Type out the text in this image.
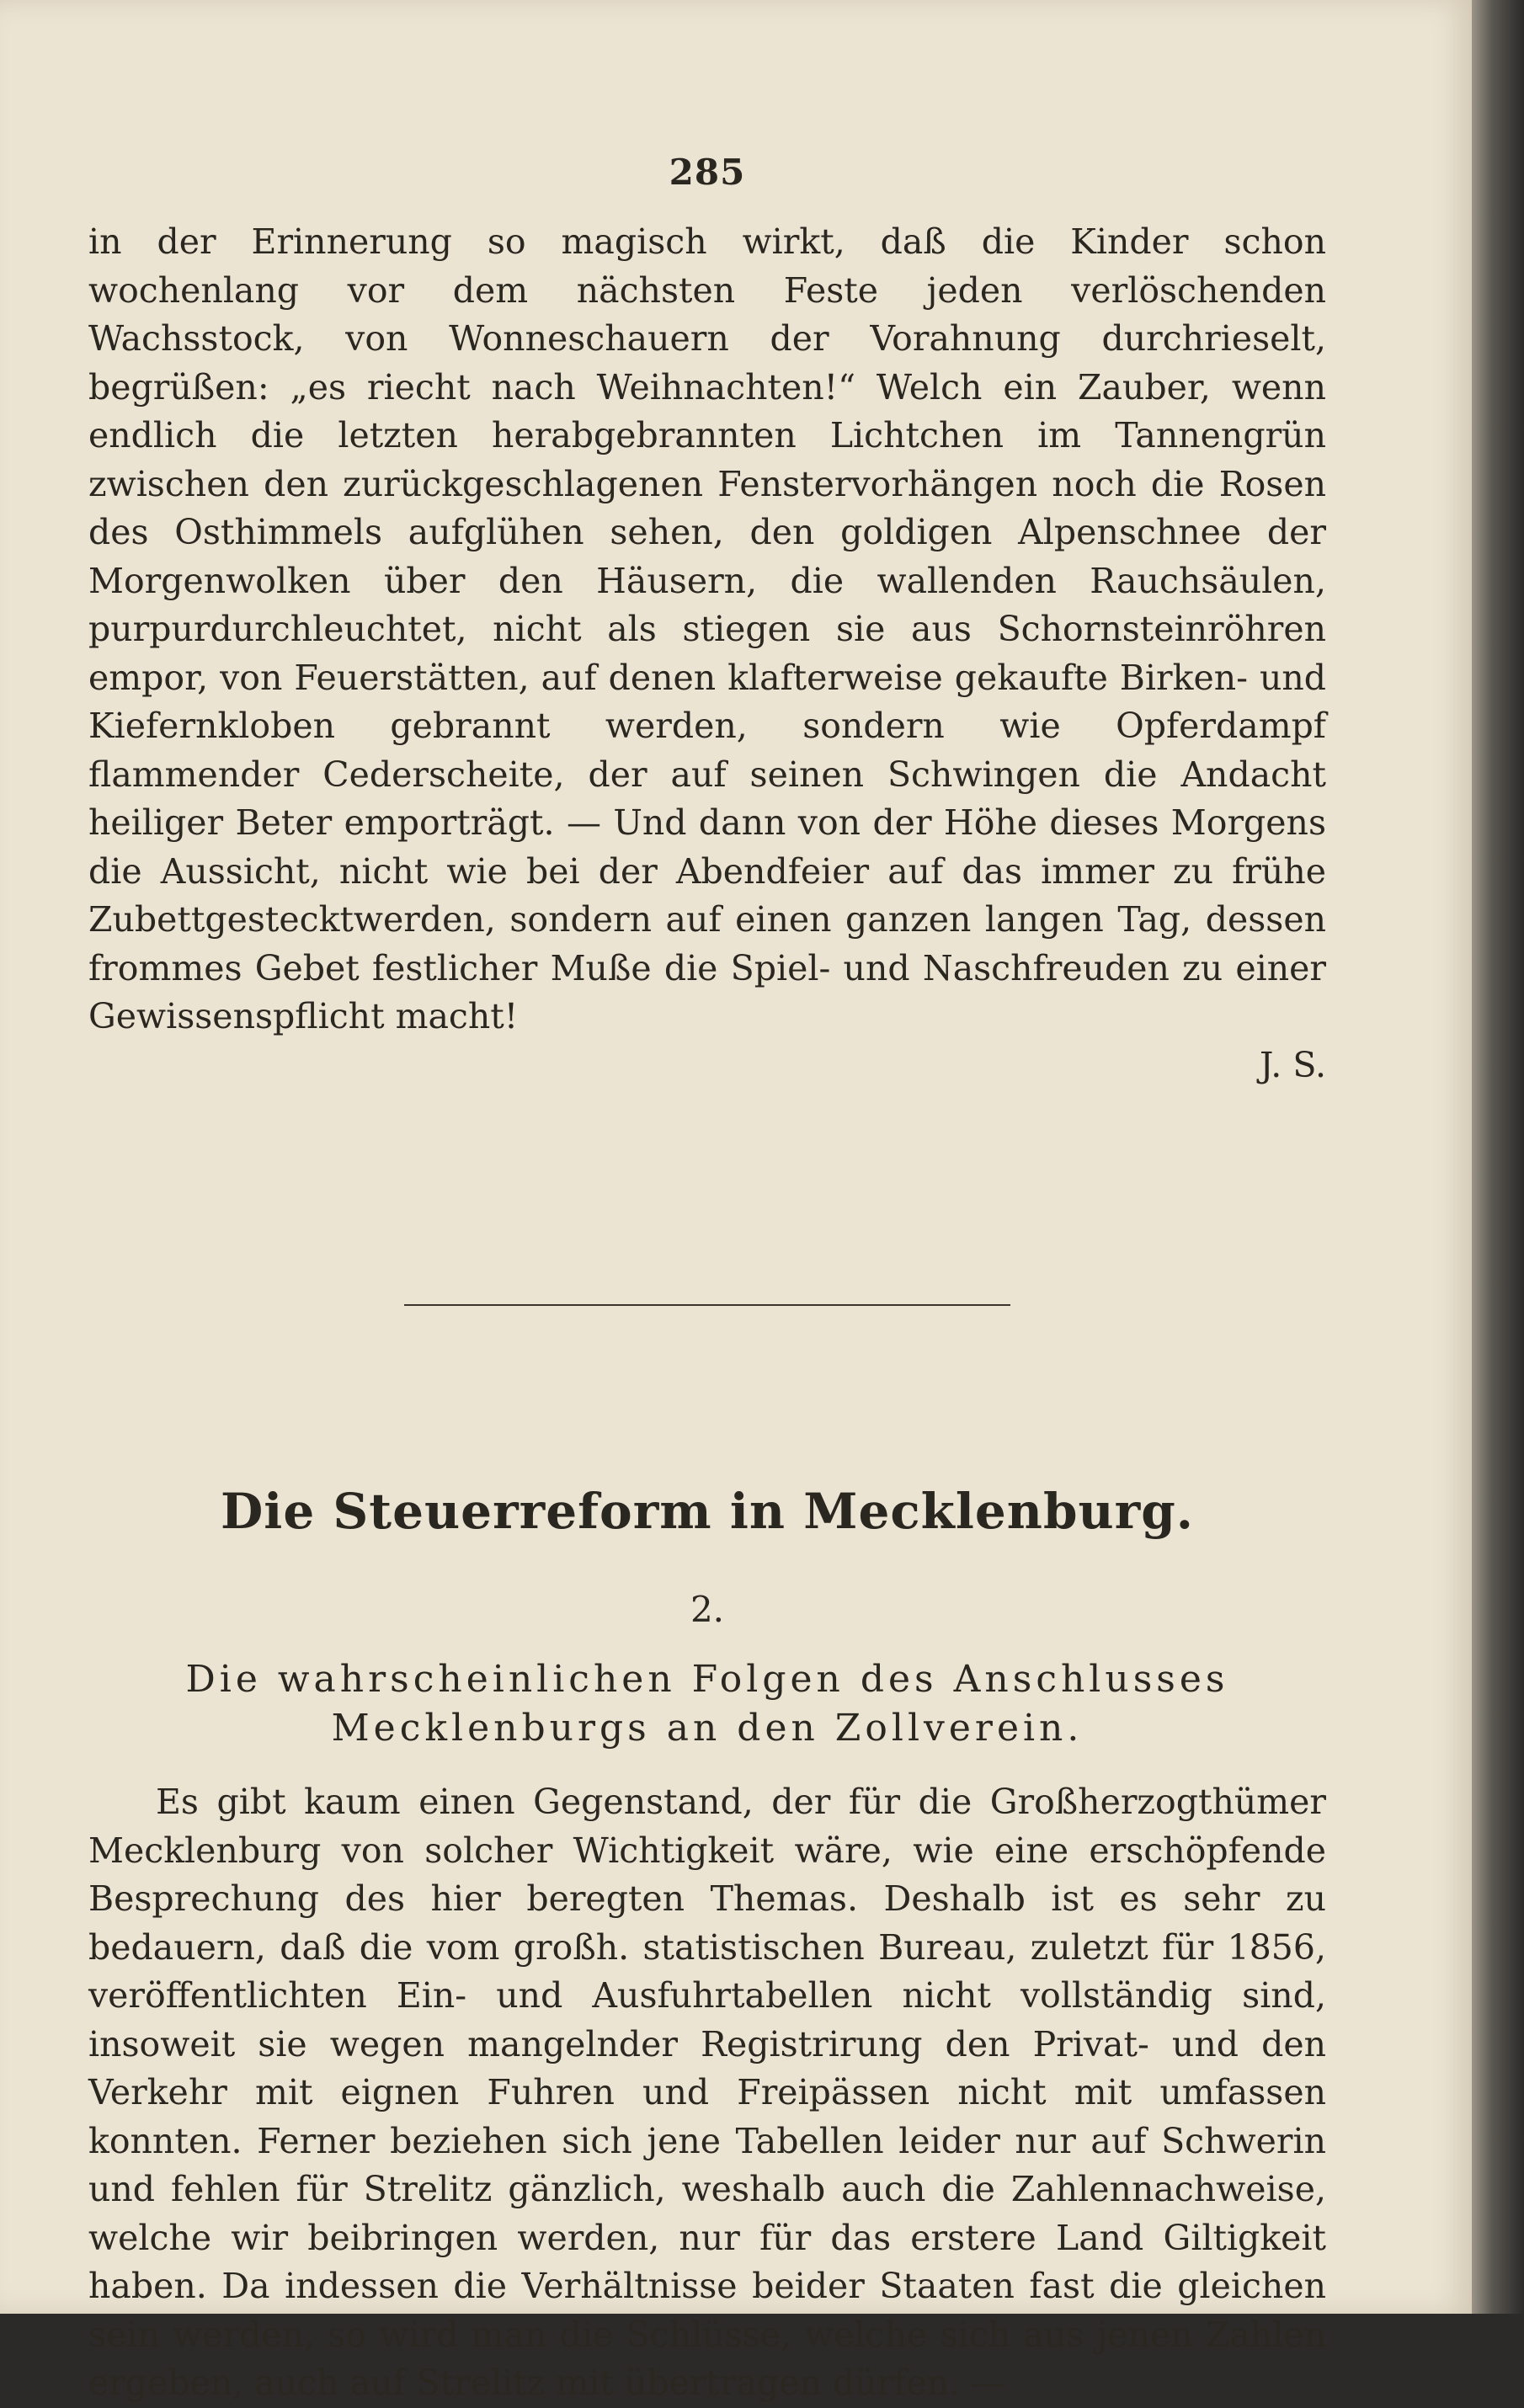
285

in der Erinnerung so magisch wirkt, daß die Kinder schon wochenlang vor dem nächsten Feste jeden verlöschenden Wachsstock, von Wonneschauern der Vorahnung durchrieselt, begrüßen: „es riecht nach Weihnachten!“ Welch ein Zauber, wenn endlich die letzten herabgebrannten Lichtchen im Tannengrün zwischen den zurückgeschlagenen Fenstervorhängen noch die Rosen des Osthimmels aufglühen sehen, den goldigen Alpenschnee der Morgenwolken über den Häusern, die wallenden Rauchsäulen, purpurdurchleuchtet, nicht als stiegen sie aus Schornsteinröhren empor, von Feuerstätten, auf denen klafterweise gekaufte Birken- und Kiefernkloben gebrannt werden, sondern wie Opferdampf flammender Cederscheite, der auf seinen Schwingen die Andacht heiliger Beter emporträgt. — Und dann von der Höhe dieses Morgens die Aussicht, nicht wie bei der Abendfeier auf das immer zu frühe Zubettgestecktwerden, sondern auf einen ganzen langen Tag, dessen frommes Gebet festlicher Muße die Spiel- und Naschfreuden zu einer Gewissenspflicht macht!
J. S.

Die Steuerreform in Mecklenburg.
2.
Die wahrscheinlichen Folgen des Anschlusses Mecklenburgs an den Zollverein.

Es gibt kaum einen Gegenstand, der für die Großherzogthümer Mecklenburg von solcher Wichtigkeit wäre, wie eine erschöpfende Besprechung des hier beregten Themas. Deshalb ist es sehr zu bedauern, daß die vom großh. statistischen Bureau, zuletzt für 1856, veröffentlichten Ein- und Ausfuhrtabellen nicht vollständig sind, insoweit sie wegen mangelnder Registrirung den Privat- und den Verkehr mit eignen Fuhren und Freipässen nicht mit umfassen konnten. Ferner beziehen sich jene Tabellen leider nur auf Schwerin und fehlen für Strelitz gänzlich, weshalb auch die Zahlennachweise, welche wir beibringen werden, nur für das erstere Land Giltigkeit haben. Da indessen die Verhältnisse beider Staaten fast die gleichen sein werden, so wird man die Schlüsse, welche sich aus jenen Zahlen ergeben, auch auf Strelitz mit übertragen dürfen. —
